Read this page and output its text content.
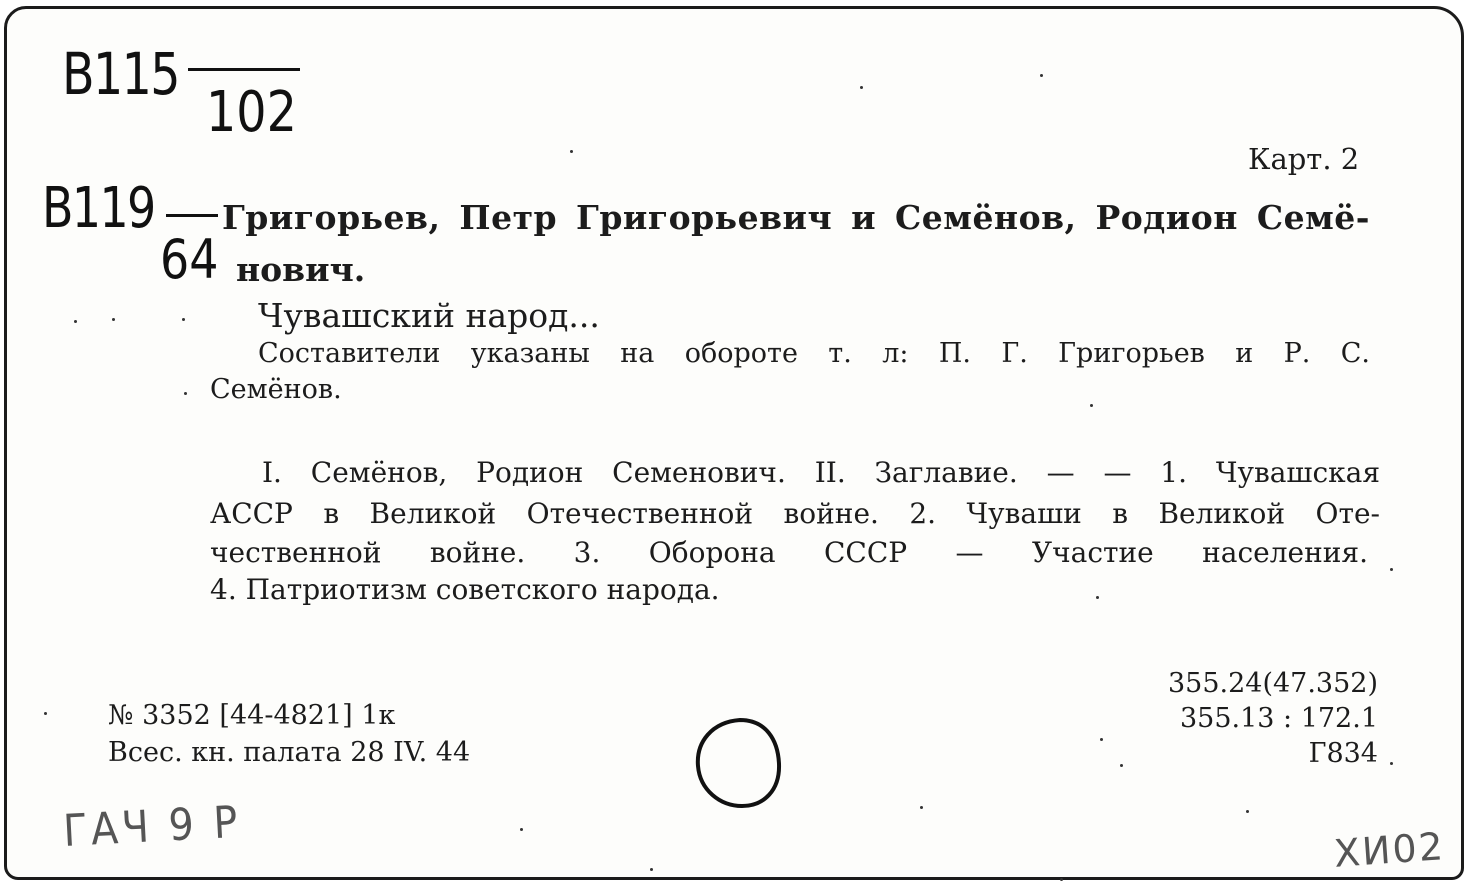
B115
102
B119
64
Карт. 2
Григорьев, Петр Григорьевич и Семёнов, Родион Семё-
нович.
Чувашский народ...
Составители указаны на обороте т. л: П. Г. Григорьев и Р. С.
Семёнов.
I. Семёнов, Родион Семенович. II. Заглавие. — — 1. Чувашская
АССР в Великой Отечественной войне. 2. Чуваши в Великой Оте-
чественной войне. 3. Оборона СССР — Участие населения.
4. Патриотизм советского народа.
№ 3352 [44-4821] 1к
Всес. кн. палата 28 IV. 44
355.24(47.352)
355.13 : 172.1
Г834
ГАЧ 9 Р	ХИ02
